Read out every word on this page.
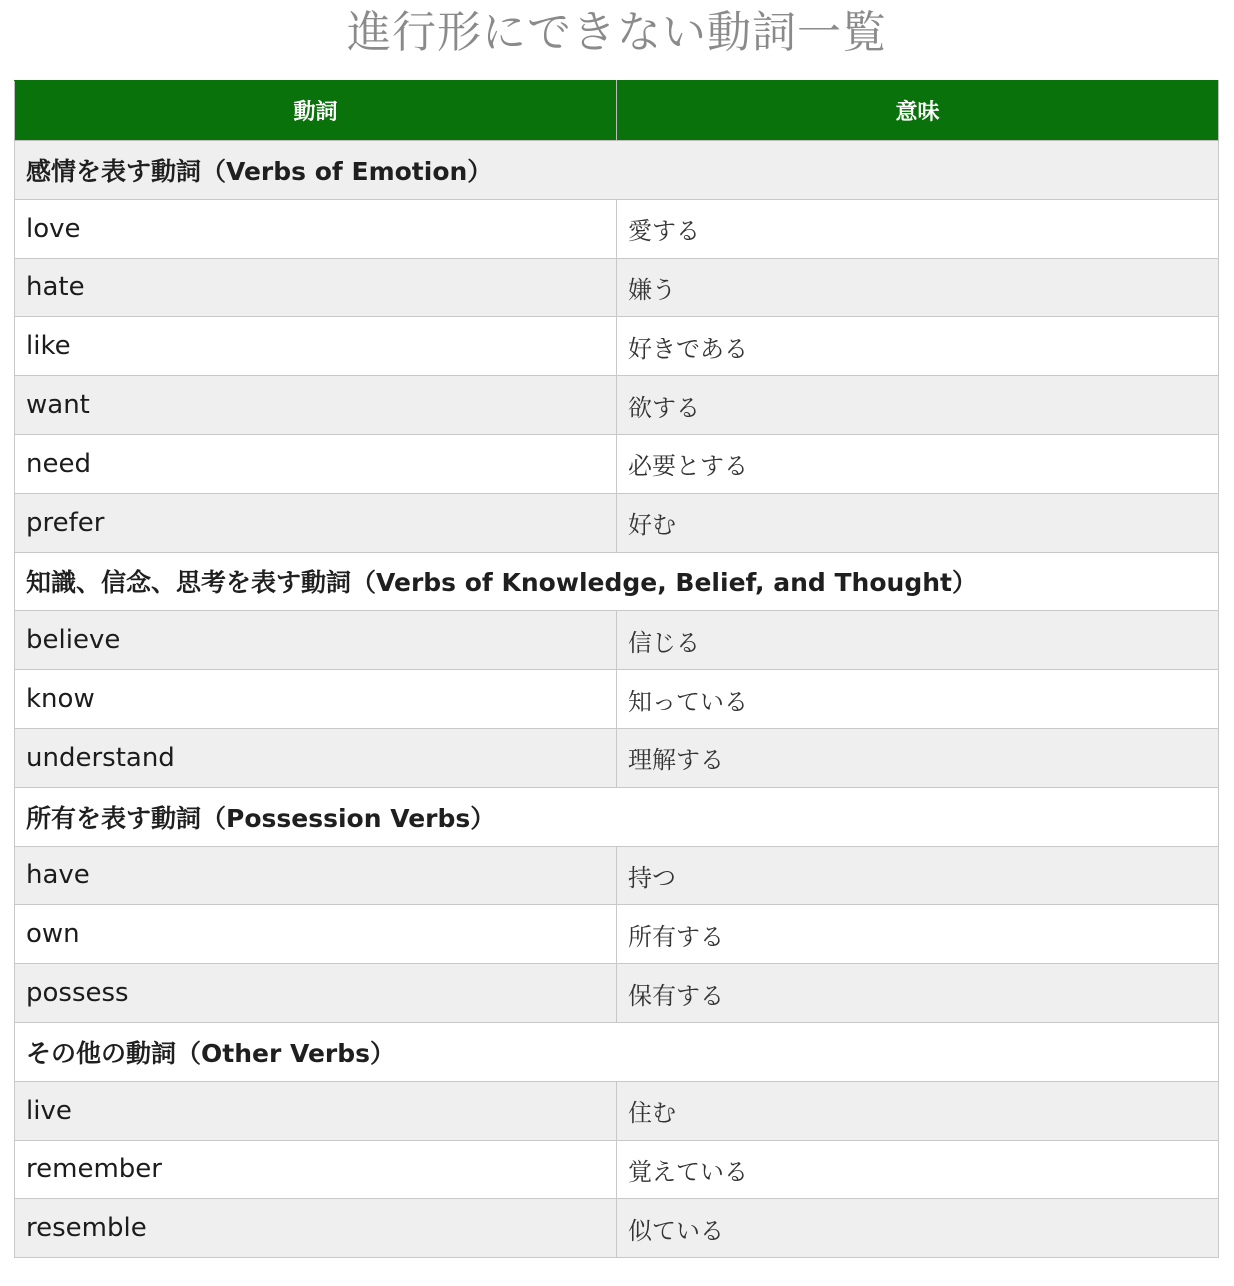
進行形にできない動詞一覧
動詞	意味
感情を表す動詞（Verbs of Emotion）	
love	愛する
hate	嫌う
like	好きである
want	欲する
need	必要とする
prefer	好む
知識、信念、思考を表す動詞（Verbs of Knowledge, Belief, and Thought）	
believe	信じる
know	知っている
understand	理解する
所有を表す動詞（Possession Verbs）	
have	持つ
own	所有する
possess	保有する
その他の動詞（Other Verbs）	
live	住む
remember	覚えている
resemble	似ている
